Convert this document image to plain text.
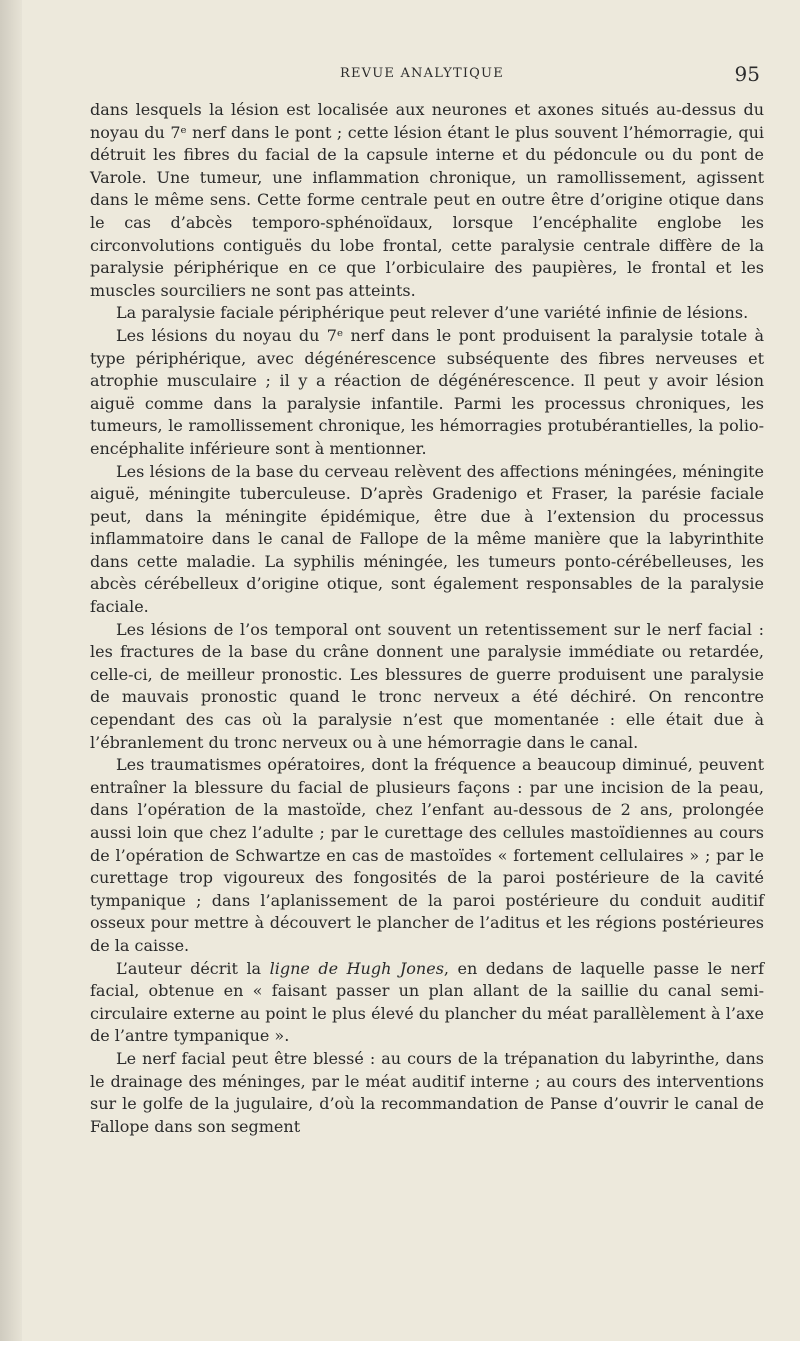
REVUE ANALYTIQUE	95

dans lesquels la lésion est localisée aux neurones et axones situés au-dessus du noyau du 7ᵉ nerf dans le pont ; cette lésion étant le plus souvent l’hémorragie, qui détruit les fibres du facial de la capsule interne et du pédoncule ou du pont de Varole. Une tumeur, une inflammation chronique, un ramollissement, agissent dans le même sens. Cette forme centrale peut en outre être d’origine otique dans le cas d’abcès temporo-sphénoïdaux, lorsque l’encéphalite englobe les circonvolutions contiguës du lobe frontal, cette paralysie centrale diffère de la paralysie périphérique en ce que l’orbiculaire des paupières, le frontal et les muscles sourciliers ne sont pas atteints.

La paralysie faciale périphérique peut relever d’une variété infinie de lésions.

Les lésions du noyau du 7ᵉ nerf dans le pont produisent la paralysie totale à type périphérique, avec dégénérescence subséquente des fibres nerveuses et atrophie musculaire ; il y a réaction de dégénérescence. Il peut y avoir lésion aiguë comme dans la paralysie infantile. Parmi les processus chroniques, les tumeurs, le ramollissement chronique, les hémorragies protubérantielles, la polio-encéphalite inférieure sont à mentionner.

Les lésions de la base du cerveau relèvent des affections méningées, méningite aiguë, méningite tuberculeuse. D’après Gradenigo et Fraser, la parésie faciale peut, dans la méningite épidémique, être due à l’extension du processus inflammatoire dans le canal de Fallope de la même manière que la labyrinthite dans cette maladie. La syphilis méningée, les tumeurs ponto-cérébelleuses, les abcès cérébelleux d’origine otique, sont également responsables de la paralysie faciale.

Les lésions de l’os temporal ont souvent un retentissement sur le nerf facial : les fractures de la base du crâne donnent une paralysie immédiate ou retardée, celle-ci, de meilleur pronostic. Les blessures de guerre produisent une paralysie de mauvais pronostic quand le tronc nerveux a été déchiré. On rencontre cependant des cas où la paralysie n’est que momentanée : elle était due à l’ébranlement du tronc nerveux ou à une hémorragie dans le canal.

Les traumatismes opératoires, dont la fréquence a beaucoup diminué, peuvent entraîner la blessure du facial de plusieurs façons : par une incision de la peau, dans l’opération de la mastoïde, chez l’enfant au-dessous de 2 ans, prolongée aussi loin que chez l’adulte ; par le curettage des cellules mastoïdiennes au cours de l’opération de Schwartze en cas de mastoïdes « fortement cellulaires » ; par le curettage trop vigoureux des fongosités de la paroi postérieure de la cavité tympanique ; dans l’aplanissement de la paroi postérieure du conduit auditif osseux pour mettre à découvert le plancher de l’aditus et les régions postérieures de la caisse.

L’auteur décrit la ligne de Hugh Jones, en dedans de laquelle passe le nerf facial, obtenue en « faisant passer un plan allant de la saillie du canal semi-circulaire externe au point le plus élevé du plancher du méat parallèlement à l’axe de l’antre tympanique ».

Le nerf facial peut être blessé : au cours de la trépanation du labyrinthe, dans le drainage des méninges, par le méat auditif interne ; au cours des interventions sur le golfe de la jugulaire, d’où la recommandation de Panse d’ouvrir le canal de Fallope dans son segment
